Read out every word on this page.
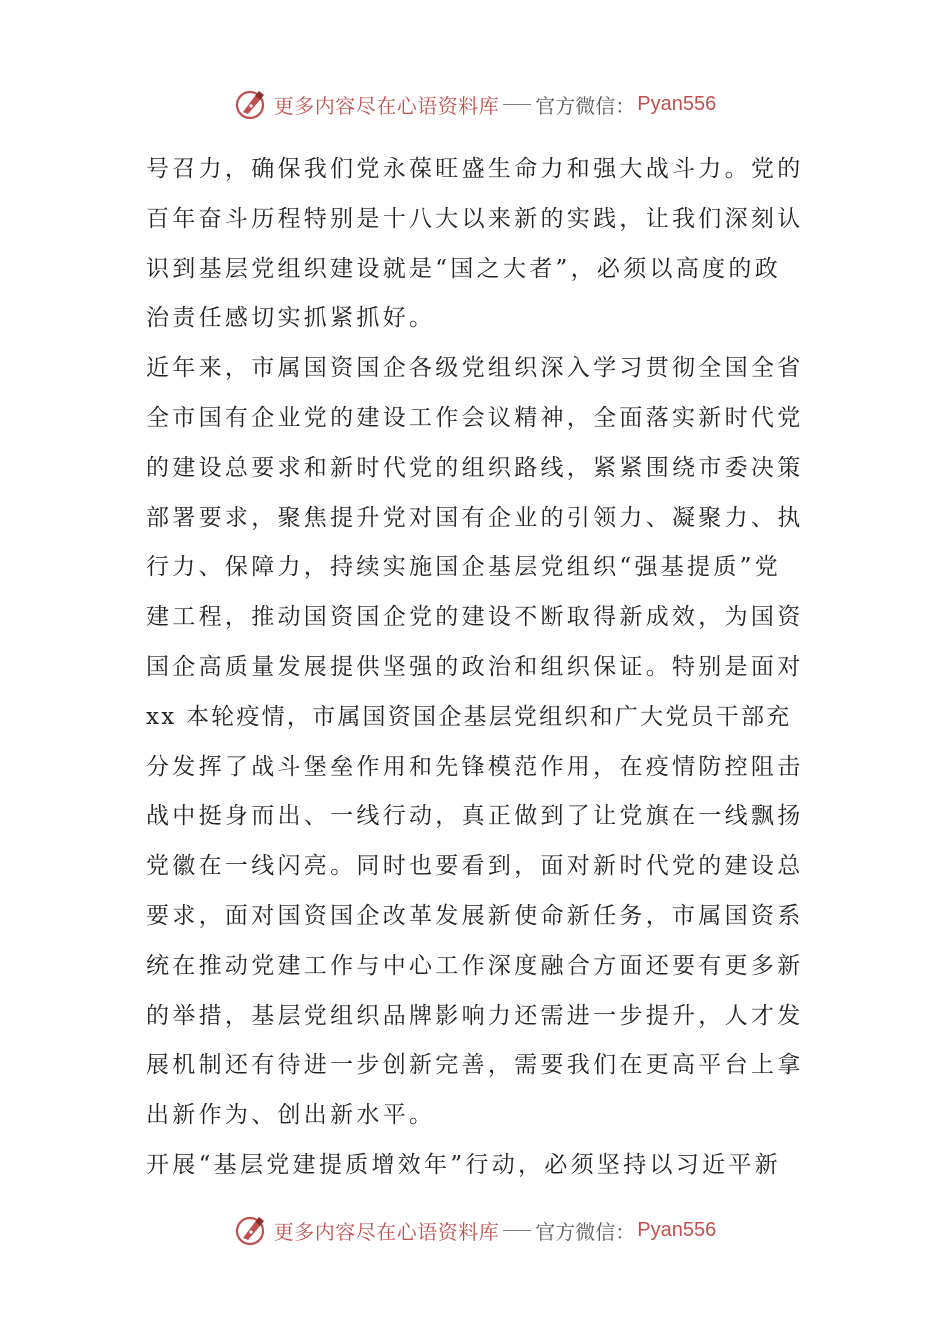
更多内容尽在心语资料库 官方微信： Pyan556

号召力，确保我们党永葆旺盛生命力和强大战斗力。党的
百年奋斗历程特别是十八大以来新的实践，让我们深刻认
识到基层党组织建设就是“国之大者”，必须以高度的政
治责任感切实抓紧抓好。

近年来，市属国资国企各级党组织深入学习贯彻全国全省
全市国有企业党的建设工作会议精神，全面落实新时代党
的建设总要求和新时代党的组织路线，紧紧围绕市委决策
部署要求，聚焦提升党对国有企业的引领力、凝聚力、执
行力、保障力，持续实施国企基层党组织“强基提质”党
建工程，推动国资国企党的建设不断取得新成效，为国资
国企高质量发展提供坚强的政治和组织保证。特别是面对
xx 本轮疫情，市属国资国企基层党组织和广大党员干部充
分发挥了战斗堡垒作用和先锋模范作用，在疫情防控阻击
战中挺身而出、一线行动，真正做到了让党旗在一线飘扬
党徽在一线闪亮。同时也要看到，面对新时代党的建设总
要求，面对国资国企改革发展新使命新任务，市属国资系
统在推动党建工作与中心工作深度融合方面还要有更多新
的举措，基层党组织品牌影响力还需进一步提升，人才发
展机制还有待进一步创新完善，需要我们在更高平台上拿
出新作为、创出新水平。

开展“基层党建提质增效年”行动，必须坚持以习近平新

更多内容尽在心语资料库 官方微信： Pyan556
